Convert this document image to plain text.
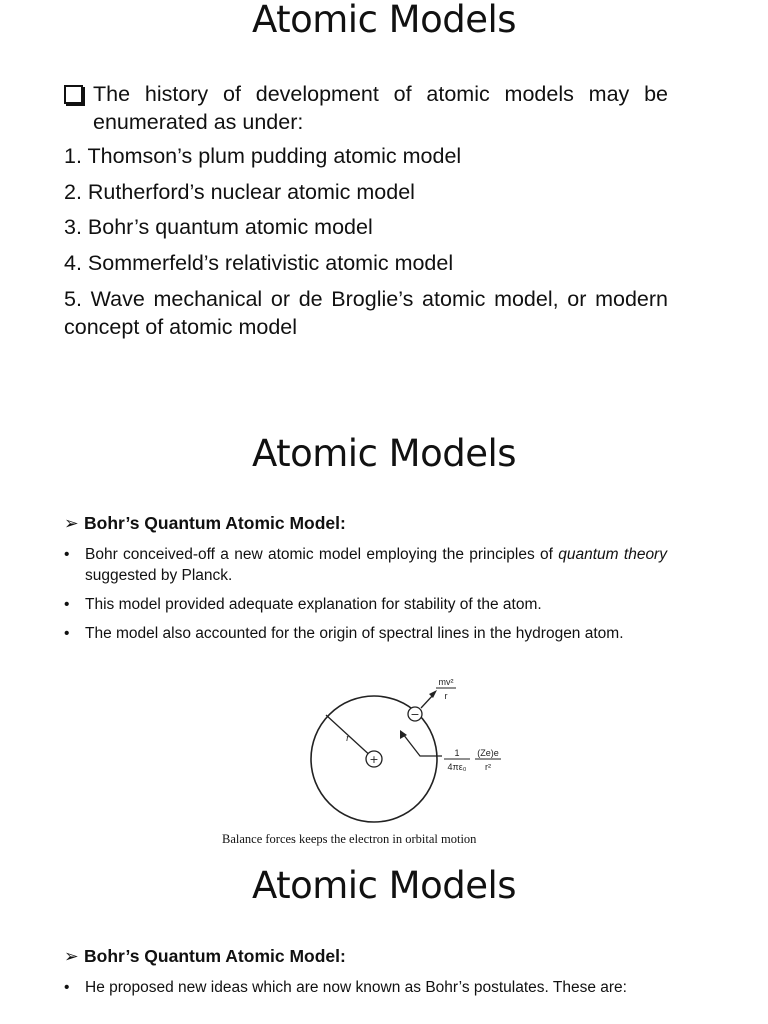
Atomic Models
The history of development of atomic models may be enumerated as under:
1. Thomson’s plum pudding atomic model
2. Rutherford’s nuclear atomic model
3. Bohr’s quantum atomic model
4. Sommerfeld’s relativistic atomic model
5. Wave mechanical or de Broglie’s atomic model, or modern concept of atomic model
Atomic Models
➢ Bohr’s Quantum Atomic Model:
• Bohr conceived-off a new atomic model employing the principles of quantum theory suggested by Planck.
• This model provided adequate explanation for stability of the atom.
• The model also accounted for the origin of spectral lines in the hydrogen atom.
r
+
−
mv²
r
1
4πε₀
(Ze)e
r²
Balance forces keeps the electron in orbital motion
Atomic Models
➢ Bohr’s Quantum Atomic Model:
• He proposed new ideas which are now known as Bohr’s postulates. These are:
